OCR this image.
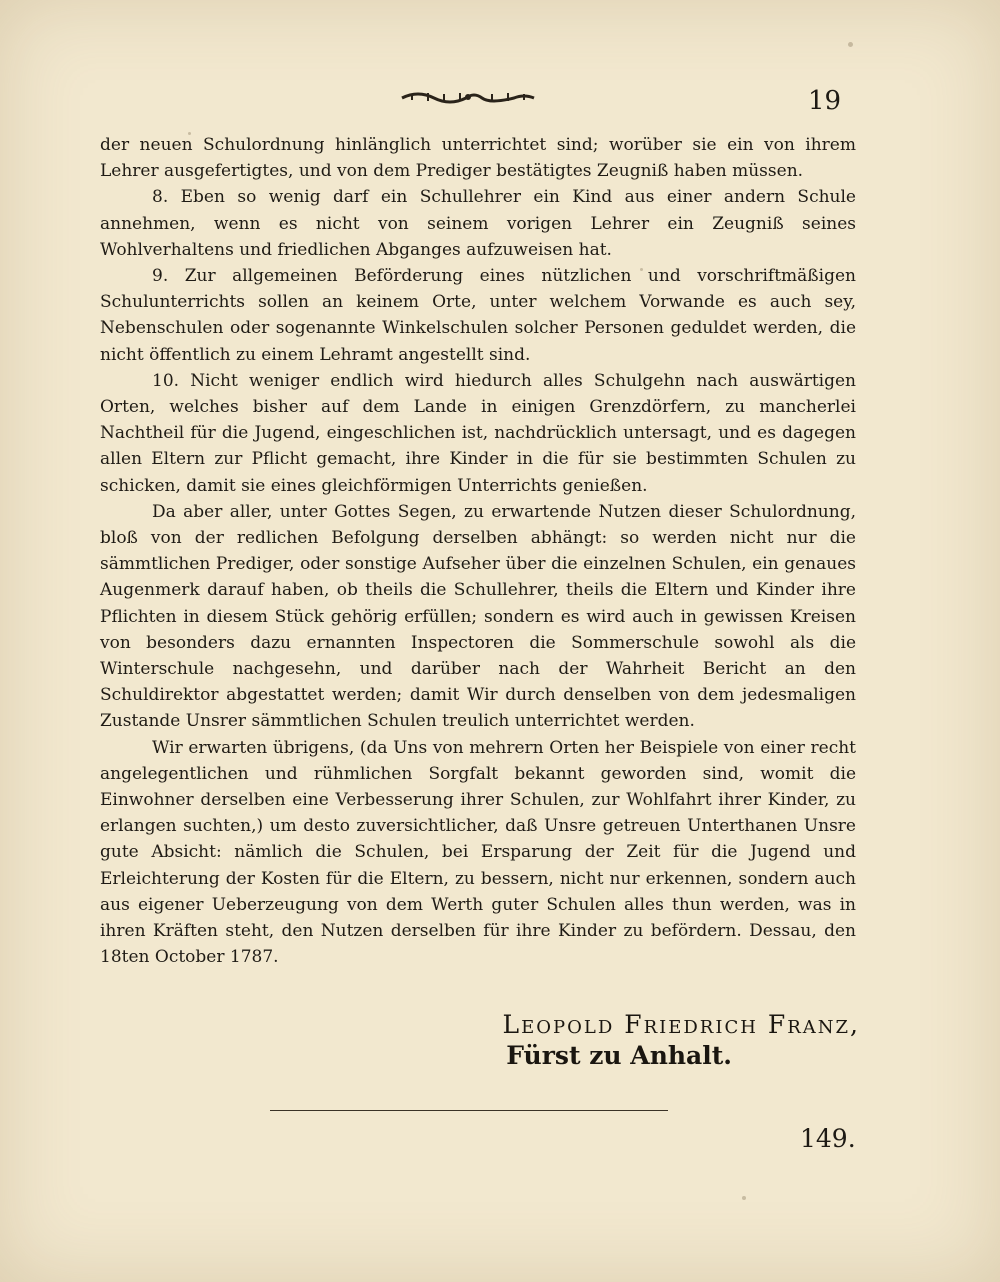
19

der neuen Schulordnung hinlänglich unterrichtet sind; worüber sie ein von ihrem Lehrer ausgefertigtes, und von dem Prediger bestätigtes Zeugniß haben müssen.

8. Eben so wenig darf ein Schullehrer ein Kind aus einer andern Schule annehmen, wenn es nicht von seinem vorigen Lehrer ein Zeugniß seines Wohlverhaltens und friedlichen Abganges aufzuweisen hat.

9. Zur allgemeinen Beförderung eines nützlichen und vorschriftmäßigen Schulunterrichts sollen an keinem Orte, unter welchem Vorwande es auch sey, Nebenschulen oder sogenannte Winkelschulen solcher Personen geduldet werden, die nicht öffentlich zu einem Lehramt angestellt sind.

10. Nicht weniger endlich wird hiedurch alles Schulgehn nach auswärtigen Orten, welches bisher auf dem Lande in einigen Grenzdörfern, zu mancherlei Nachtheil für die Jugend, eingeschlichen ist, nachdrücklich untersagt, und es dagegen allen Eltern zur Pflicht gemacht, ihre Kinder in die für sie bestimmten Schulen zu schicken, damit sie eines gleichförmigen Unterrichts genießen.

Da aber aller, unter Gottes Segen, zu erwartende Nutzen dieser Schulordnung, bloß von der redlichen Befolgung derselben abhängt: so werden nicht nur die sämmtlichen Prediger, oder sonstige Aufseher über die einzelnen Schulen, ein genaues Augenmerk darauf haben, ob theils die Schullehrer, theils die Eltern und Kinder ihre Pflichten in diesem Stück gehörig erfüllen; sondern es wird auch in gewissen Kreisen von besonders dazu ernannten Inspectoren die Sommerschule sowohl als die Winterschule nachgesehn, und darüber nach der Wahrheit Bericht an den Schuldirektor abgestattet werden; damit Wir durch denselben von dem jedesmaligen Zustande Unsrer sämmtlichen Schulen treulich unterrichtet werden.

Wir erwarten übrigens, (da Uns von mehrern Orten her Beispiele von einer recht angelegentlichen und rühmlichen Sorgfalt bekannt geworden sind, womit die Einwohner derselben eine Verbesserung ihrer Schulen, zur Wohlfahrt ihrer Kinder, zu erlangen suchten,) um desto zuversichtlicher, daß Unsre getreuen Unterthanen Unsre gute Absicht: nämlich die Schulen, bei Ersparung der Zeit für die Jugend und Erleichterung der Kosten für die Eltern, zu bessern, nicht nur erkennen, sondern auch aus eigener Ueberzeugung von dem Werth guter Schulen alles thun werden, was in ihren Kräften steht, den Nutzen derselben für ihre Kinder zu befördern. Dessau, den 18ten October 1787.

Leopold Friedrich Franz,
Fürst zu Anhalt.
149.
